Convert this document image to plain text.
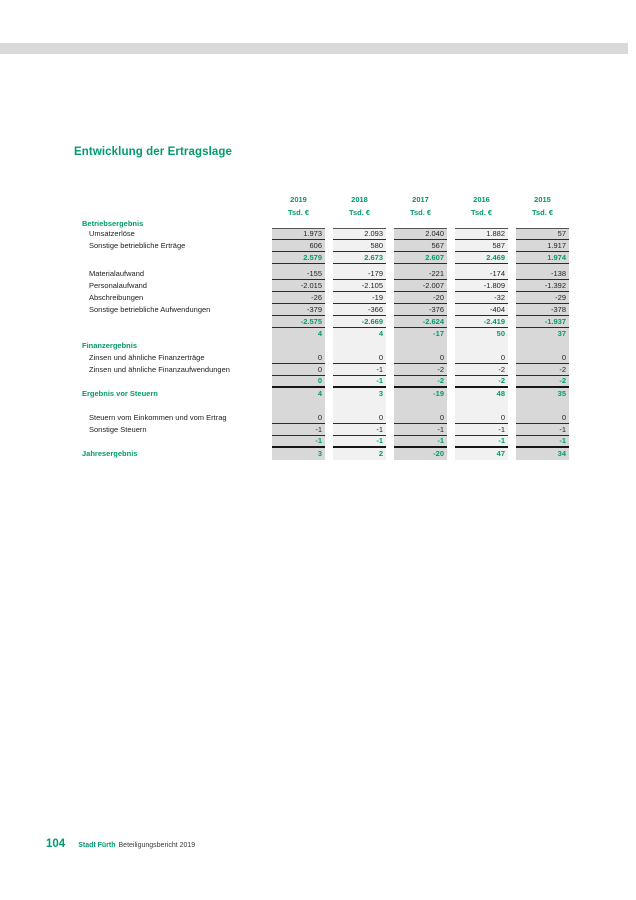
Entwicklung der Ertragslage
2019	2018	2017	2016	2015
Tsd. €	Tsd. €	Tsd. €	Tsd. €	Tsd. €
Betriebsergebnis
Umsatzerlöse	1.973	2.093	2.040	1.882	57
Sonstige betriebliche Erträge	606	580	567	587	1.917
2.579	2.673	2.607	2.469	1.974
Materialaufwand	-155	-179	-221	-174	-138
Personalaufwand	-2.015	-2.105	-2.007	-1.809	-1.392
Abschreibungen	-26	-19	-20	-32	-29
Sonstige betriebliche Aufwendungen	-379	-366	-376	-404	-378
-2.575	-2.669	-2.624	-2.419	-1.937
4	4	-17	50	37
Finanzergebnis
Zinsen und ähnliche Finanzerträge	0	0	0	0	0
Zinsen und ähnliche Finanzaufwendungen	0	-1	-2	-2	-2
0	-1	-2	-2	-2
Ergebnis vor Steuern	4	3	-19	48	35
Steuern vom Einkommen und vom Ertrag	0	0	0	0	0
Sonstige Steuern	-1	-1	-1	-1	-1
-1	-1	-1	-1	-1
Jahresergebnis	3	2	-20	47	34
104 Stadt Fürth Beteiligungsbericht 2019
